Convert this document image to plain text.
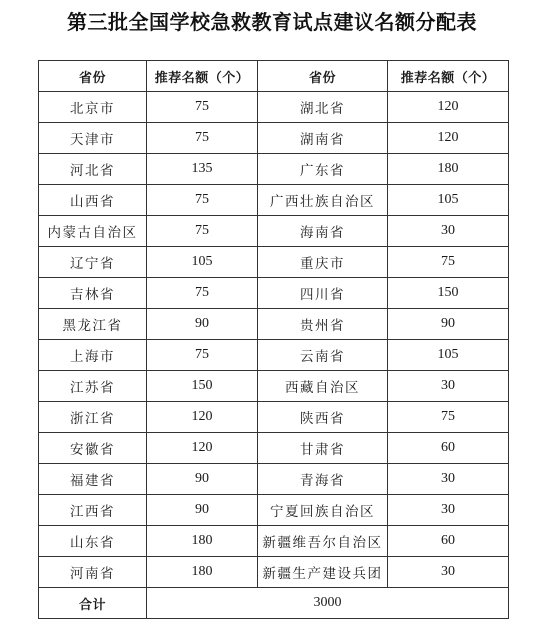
第三批全国学校急救教育试点建议名额分配表
省份	推荐名额（个）	省份	推荐名额（个）
北京市	75	湖北省	120
天津市	75	湖南省	120
河北省	135	广东省	180
山西省	75	广西壮族自治区	105
内蒙古自治区	75	海南省	30
辽宁省	105	重庆市	75
吉林省	75	四川省	150
黑龙江省	90	贵州省	90
上海市	75	云南省	105
江苏省	150	西藏自治区	30
浙江省	120	陕西省	75
安徽省	120	甘肃省	60
福建省	90	青海省	30
江西省	90	宁夏回族自治区	30
山东省	180	新疆维吾尔自治区	60
河南省	180	新疆生产建设兵团	30
合计	3000		
